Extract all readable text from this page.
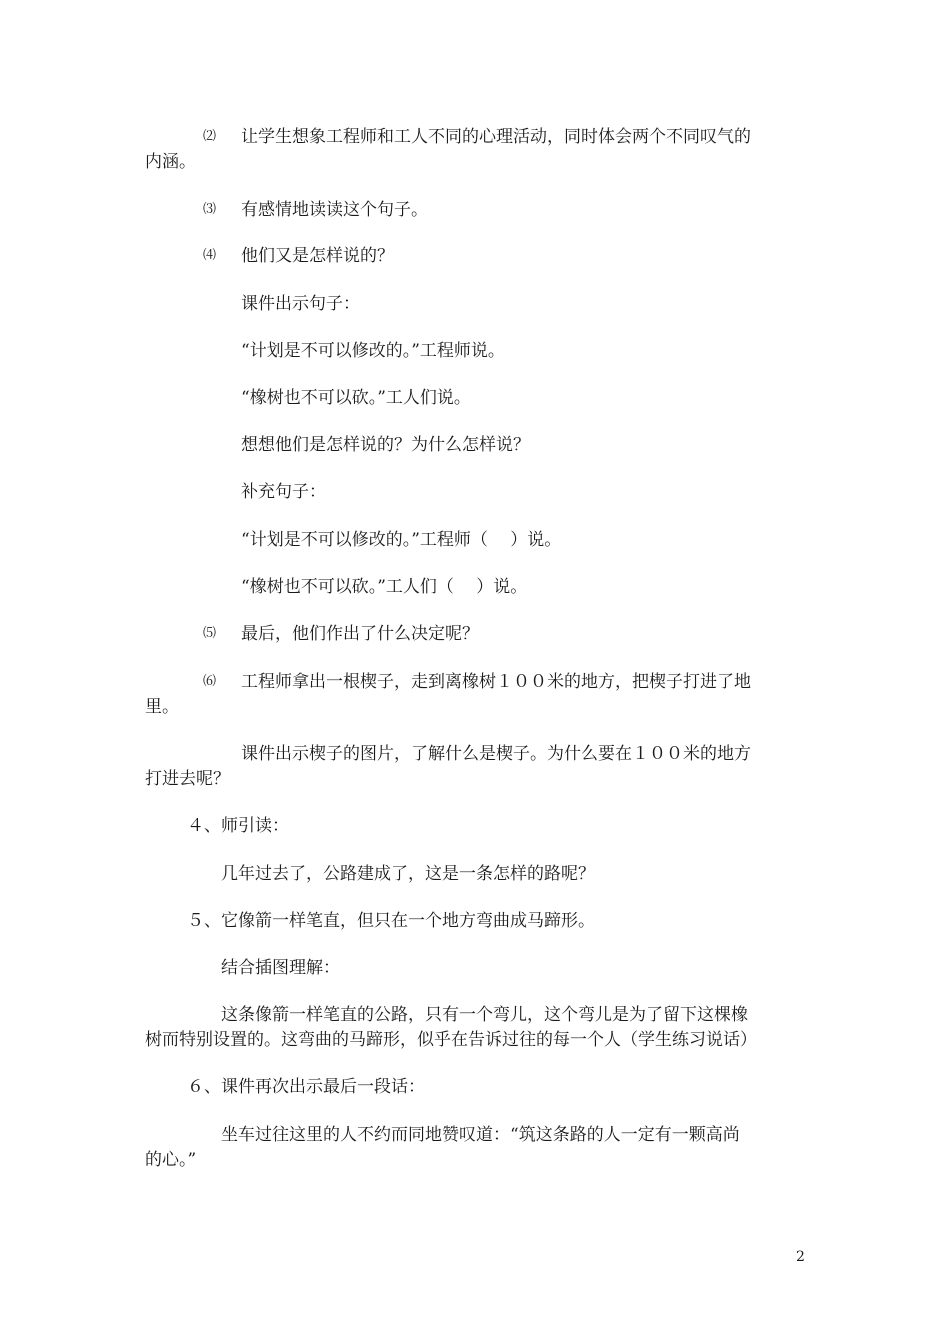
⑵ 让学生想象工程师和工人不同的心理活动，同时体会两个不同叹气的
内涵。
⑶ 有感情地读读这个句子。
⑷ 他们又是怎样说的？
课件出示句子：
“计划是不可以修改的。”工程师说。
“橡树也不可以砍。”工人们说。
想想他们是怎样说的？为什么怎样说？
补充句子：
“计划是不可以修改的。”工程师（　 ）说。
“橡树也不可以砍。”工人们（　 ）说。
⑸ 最后，他们作出了什么决定呢？
⑹ 工程师拿出一根楔子，走到离橡树１００米的地方，把楔子打进了地
里。
课件出示楔子的图片，了解什么是楔子。为什么要在１００米的地方
打进去呢？
４、师引读：
几年过去了，公路建成了，这是一条怎样的路呢？
５、它像箭一样笔直，但只在一个地方弯曲成马蹄形。
结合插图理解：
这条像箭一样笔直的公路，只有一个弯儿，这个弯儿是为了留下这棵橡
树而特别设置的。这弯曲的马蹄形，似乎在告诉过往的每一个人（学生练习说话）
６、课件再次出示最后一段话：
坐车过往这里的人不约而同地赞叹道：“筑这条路的人一定有一颗高尚
的心。”
2
